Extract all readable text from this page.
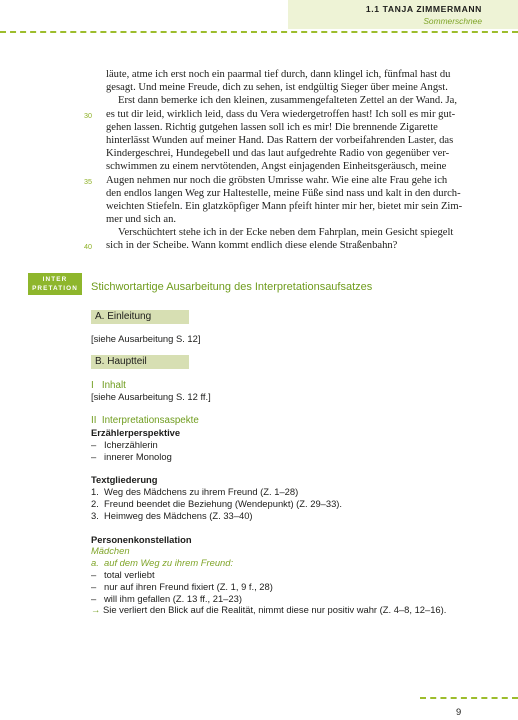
1.1 TANJA ZIMMERMANN
Sommerschnee
läute, atme ich erst noch ein paarmal tief durch, dann klingel ich, fünfmal hast du
gesagt. Und meine Freude, dich zu sehen, ist endgültig Sieger über meine Angst.
Erst dann bemerke ich den kleinen, zusammengefalteten Zettel an der Wand. Ja,
30 es tut dir leid, wirklich leid, dass du Vera wiedergetroffen hast! Ich soll es mir gut-
gehen lassen. Richtig gutgehen lassen soll ich es mir! Die brennende Zigarette
hinterlässt Wunden auf meiner Hand. Das Rattern der vorbeifahrenden Laster, das
Kindergeschrei, Hundegebell und das laut aufgedrehte Radio von gegenüber ver-
schwimmen zu einem nervtötenden, Angst einjagenden Einheitsgeräusch, meine
35 Augen nehmen nur noch die gröbsten Umrisse wahr. Wie eine alte Frau gehe ich
den endlos langen Weg zur Haltestelle, meine Füße sind nass und kalt in den durch-
weichten Stiefeln. Ein glatzköpfiger Mann pfeift hinter mir her, bietet mir sein Zim-
mer und sich an.
Verschüchtert stehe ich in der Ecke neben dem Fahrplan, mein Gesicht spiegelt
40 sich in der Scheibe. Wann kommt endlich diese elende Straßenbahn?
INTER
PRETATION	Stichwortartige Ausarbeitung des Interpretationsaufsatzes
A. Einleitung
[siehe Ausarbeitung S. 12]
B. Hauptteil
I   Inhalt
[siehe Ausarbeitung S. 12 ff.]
II  Interpretationsaspekte
Erzählerperspektive
–   Icherzählerin
–   innerer Monolog
Textgliederung
1.  Weg des Mädchens zu ihrem Freund (Z. 1–28)
2.  Freund beendet die Beziehung (Wendepunkt) (Z. 29–33).
3.  Heimweg des Mädchens (Z. 33–40)
Personenkonstellation
Mädchen
a.  auf dem Weg zu ihrem Freund:
–   total verliebt
–   nur auf ihren Freund fixiert (Z. 1, 9 f., 28)
–   will ihm gefallen (Z. 13 ff., 21–23)
→ Sie verliert den Blick auf die Realität, nimmt diese nur positiv wahr (Z. 4–8, 12–16).
9
